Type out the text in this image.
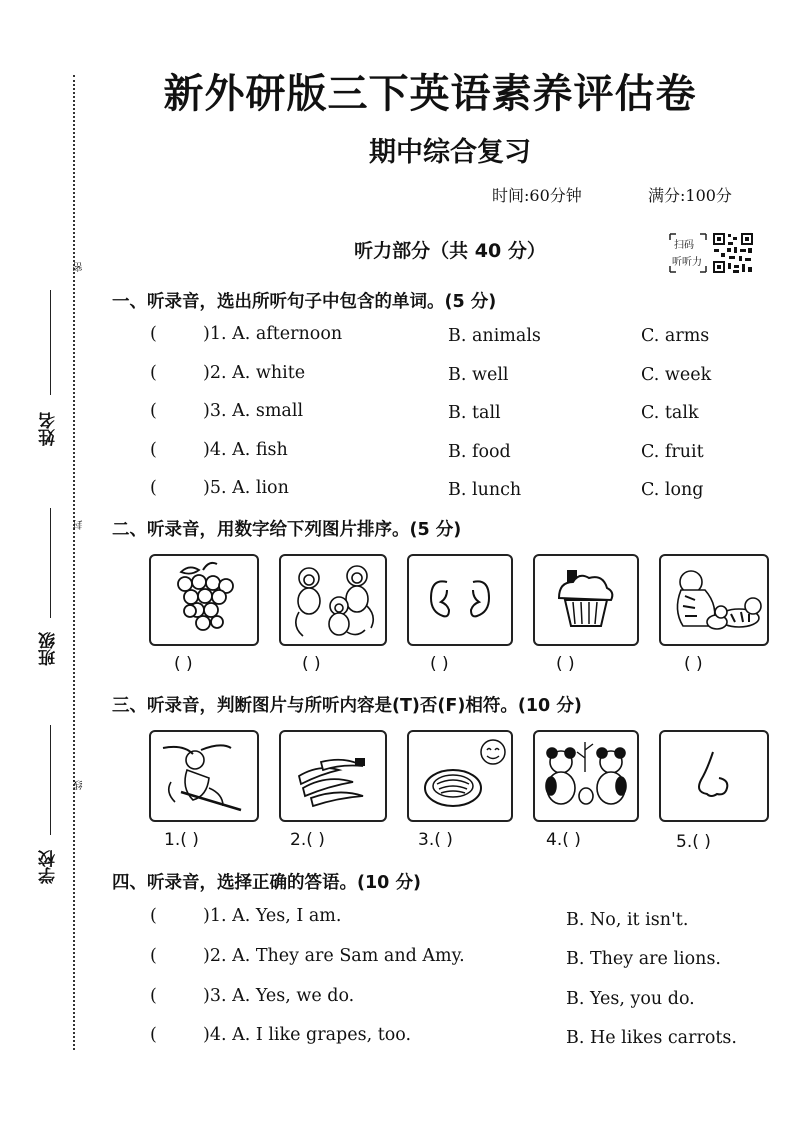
密
封
线
姓名
班级
学校
新外研版三下英语素养评估卷
期中综合复习
时间:60分钟	满分:100分
听力部分（共 40 分）	扫码
听听力
一、听录音，选出所听句子中包含的单词。(5 分)
(	)1. A. afternoon	B. animals	C. arms
(	)2. A. white	B. well	C. week
(	)3. A. small	B. tall	C. talk
(	)4. A. fish	B. food	C. fruit
(	)5. A. lion	B. lunch	C. long
二、听录音，用数字给下列图片排序。(5 分)
( )	( )	( )	( )	( )
三、听录音，判断图片与所听内容是(T)否(F)相符。(10 分)
1.( )	2.( )	3.( )	4.( )	5.( )
四、听录音，选择正确的答语。(10 分)
(	)1. A. Yes, I am.	B. No, it isn't.
(	)2. A. They are Sam and Amy.	B. They are lions.
(	)3. A. Yes, we do.	B. Yes, you do.
(	)4. A. I like grapes, too.	B. He likes carrots.
